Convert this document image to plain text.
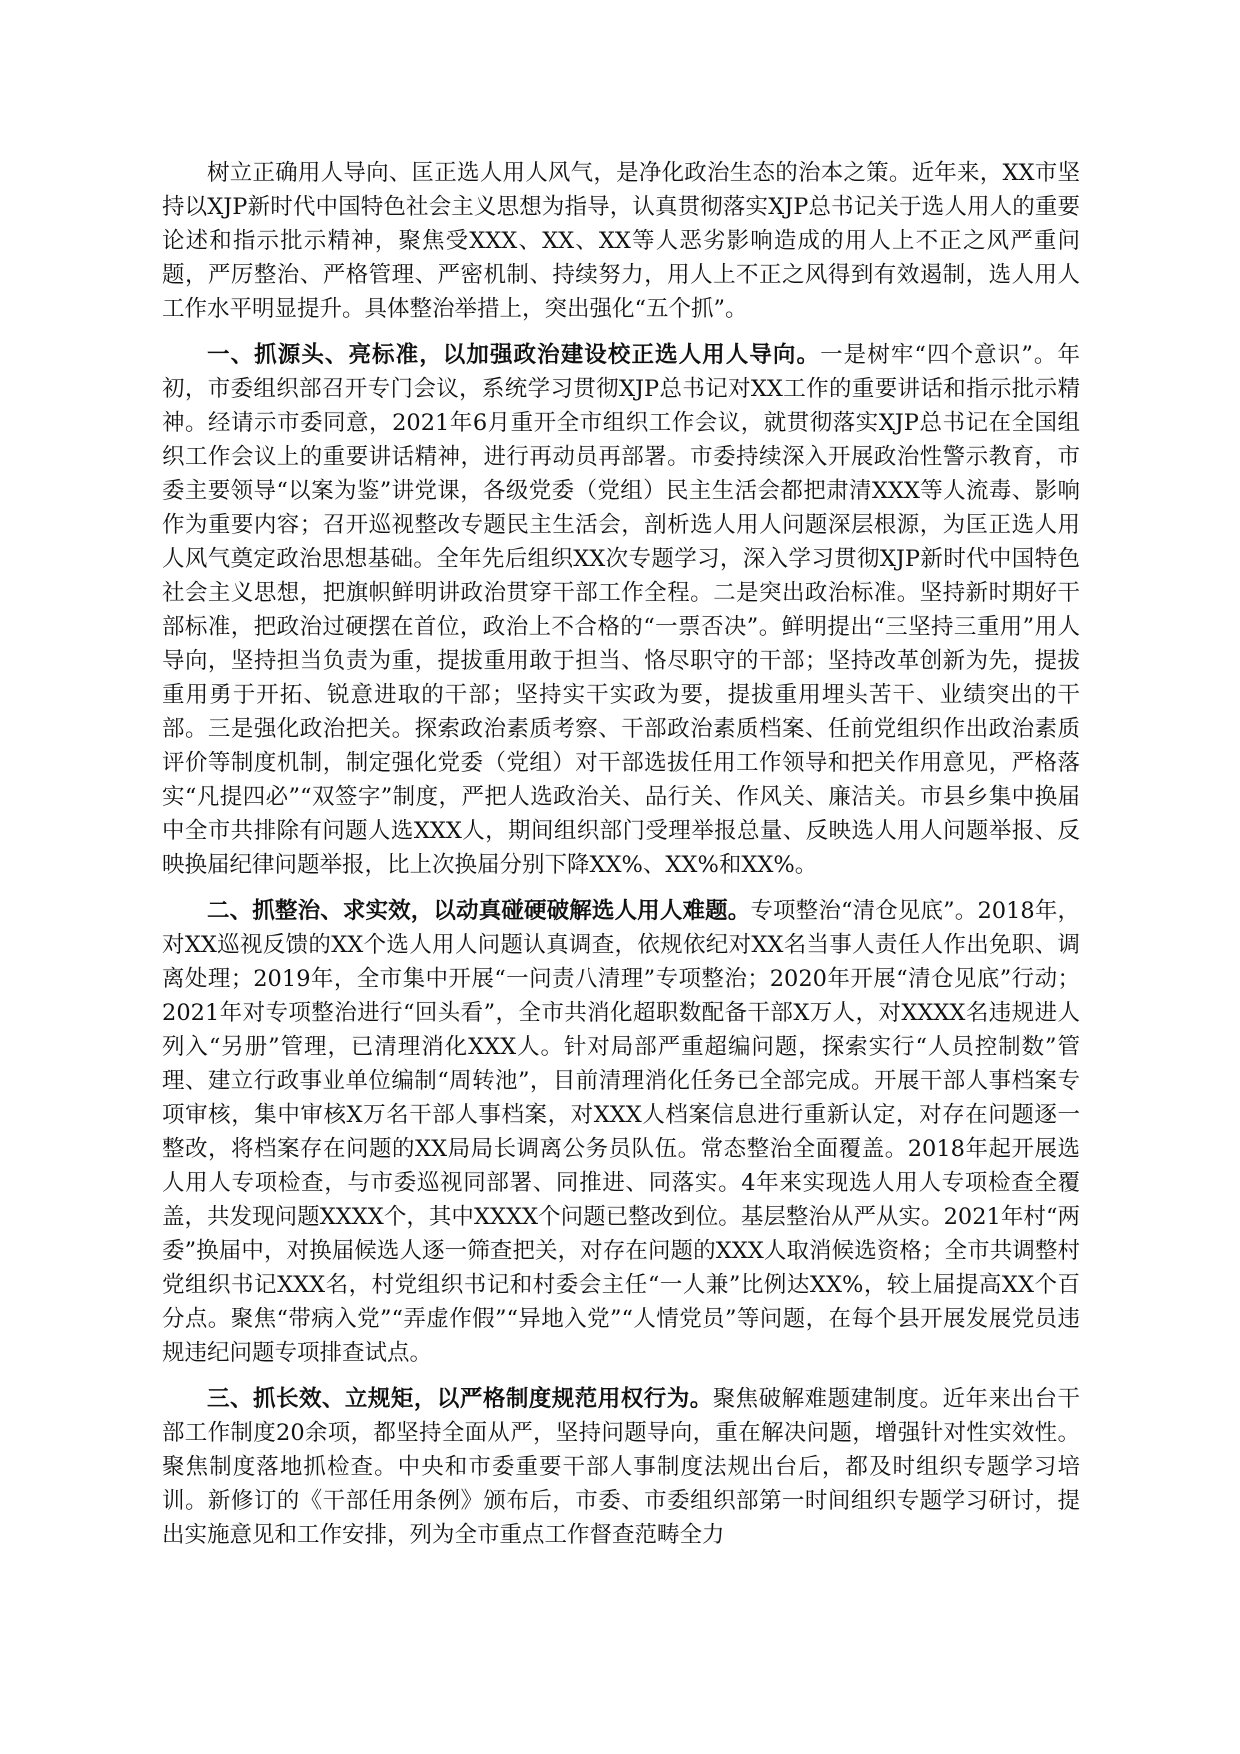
树立正确用人导向、匡正选人用人风气，是净化政治生态的治本之策。近年来，XX市坚持以XJP新时代中国特色社会主义思想为指导，认真贯彻落实XJP总书记关于选人用人的重要论述和指示批示精神，聚焦受XXX、XX、XX等人恶劣影响造成的用人上不正之风严重问题，严厉整治、严格管理、严密机制、持续努力，用人上不正之风得到有效遏制，选人用人工作水平明显提升。具体整治举措上，突出强化“五个抓”。

一、抓源头、亮标准，以加强政治建设校正选人用人导向。一是树牢“四个意识”。年初，市委组织部召开专门会议，系统学习贯彻XJP总书记对XX工作的重要讲话和指示批示精神。经请示市委同意，2021年6月重开全市组织工作会议，就贯彻落实XJP总书记在全国组织工作会议上的重要讲话精神，进行再动员再部署。市委持续深入开展政治性警示教育，市委主要领导“以案为鉴”讲党课，各级党委（党组）民主生活会都把肃清XXX等人流毒、影响作为重要内容；召开巡视整改专题民主生活会，剖析选人用人问题深层根源，为匡正选人用人风气奠定政治思想基础。全年先后组织XX次专题学习，深入学习贯彻XJP新时代中国特色社会主义思想，把旗帜鲜明讲政治贯穿干部工作全程。二是突出政治标准。坚持新时期好干部标准，把政治过硬摆在首位，政治上不合格的“一票否决”。鲜明提出“三坚持三重用”用人导向，坚持担当负责为重，提拔重用敢于担当、恪尽职守的干部；坚持改革创新为先，提拔重用勇于开拓、锐意进取的干部；坚持实干实政为要，提拔重用埋头苦干、业绩突出的干部。三是强化政治把关。探索政治素质考察、干部政治素质档案、任前党组织作出政治素质评价等制度机制，制定强化党委（党组）对干部选拔任用工作领导和把关作用意见，严格落实“凡提四必”“双签字”制度，严把人选政治关、品行关、作风关、廉洁关。市县乡集中换届中全市共排除有问题人选XXX人，期间组织部门受理举报总量、反映选人用人问题举报、反映换届纪律问题举报，比上次换届分别下降XX%、XX%和XX%。

二、抓整治、求实效，以动真碰硬破解选人用人难题。专项整治“清仓见底”。2018年，对XX巡视反馈的XX个选人用人问题认真调查，依规依纪对XX名当事人责任人作出免职、调离处理；2019年，全市集中开展“一问责八清理”专项整治；2020年开展“清仓见底”行动；2021年对专项整治进行“回头看”，全市共消化超职数配备干部X万人，对XXXX名违规进人列入“另册”管理，已清理消化XXX人。针对局部严重超编问题，探索实行“人员控制数”管理、建立行政事业单位编制“周转池”，目前清理消化任务已全部完成。开展干部人事档案专项审核，集中审核X万名干部人事档案，对XXX人档案信息进行重新认定，对存在问题逐一整改，将档案存在问题的XX局局长调离公务员队伍。常态整治全面覆盖。2018年起开展选人用人专项检查，与市委巡视同部署、同推进、同落实。4年来实现选人用人专项检查全覆盖，共发现问题XXXX个，其中XXXX个问题已整改到位。基层整治从严从实。2021年村“两委”换届中，对换届候选人逐一筛查把关，对存在问题的XXX人取消候选资格；全市共调整村党组织书记XXX名，村党组织书记和村委会主任“一人兼”比例达XX%，较上届提高XX个百分点。聚焦“带病入党”“弄虚作假”“异地入党”“人情党员”等问题，在每个县开展发展党员违规违纪问题专项排查试点。

三、抓长效、立规矩，以严格制度规范用权行为。聚焦破解难题建制度。近年来出台干部工作制度20余项，都坚持全面从严，坚持问题导向，重在解决问题，增强针对性实效性。聚焦制度落地抓检查。中央和市委重要干部人事制度法规出台后，都及时组织专题学习培训。新修订的《干部任用条例》颁布后，市委、市委组织部第一时间组织专题学习研讨，提出实施意见和工作安排，列为全市重点工作督查范畴全力
